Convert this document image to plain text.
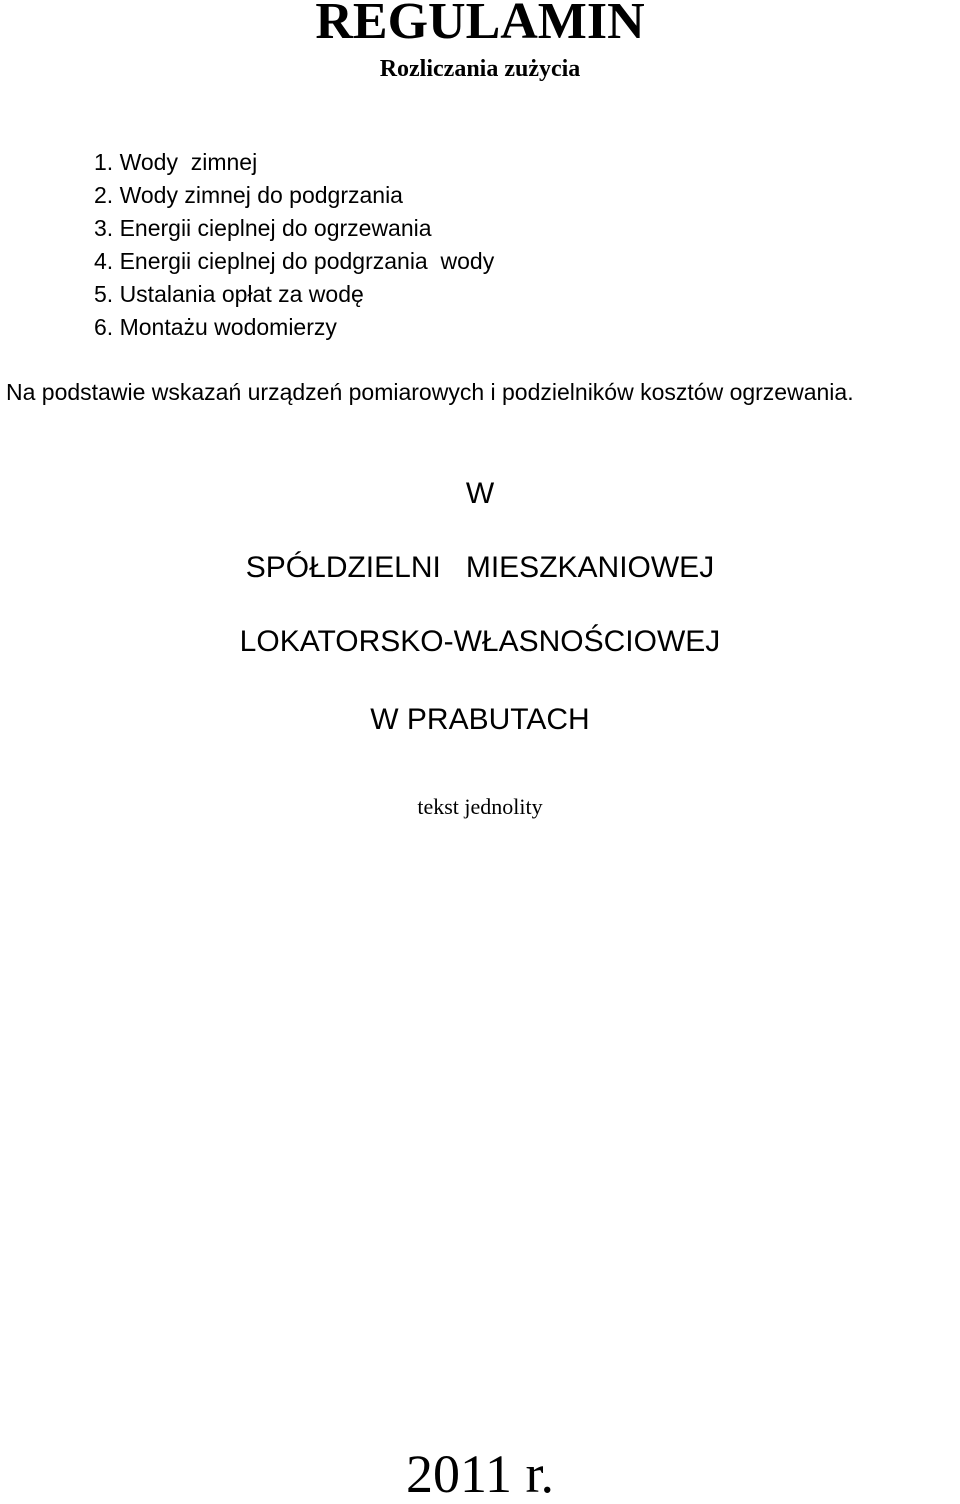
REGULAMIN

Rozliczania zużycia

1. Wody  zimnej
2. Wody zimnej do podgrzania
3. Energii cieplnej do ogrzewania
4. Energii cieplnej do podgrzania  wody
5. Ustalania opłat za wodę
6. Montażu wodomierzy

Na podstawie wskazań urządzeń pomiarowych i podzielników kosztów ogrzewania.

W

SPÓŁDZIELNI   MIESZKANIOWEJ

LOKATORSKO-WŁASNOŚCIOWEJ

W PRABUTACH

tekst jednolity

2011 r.
